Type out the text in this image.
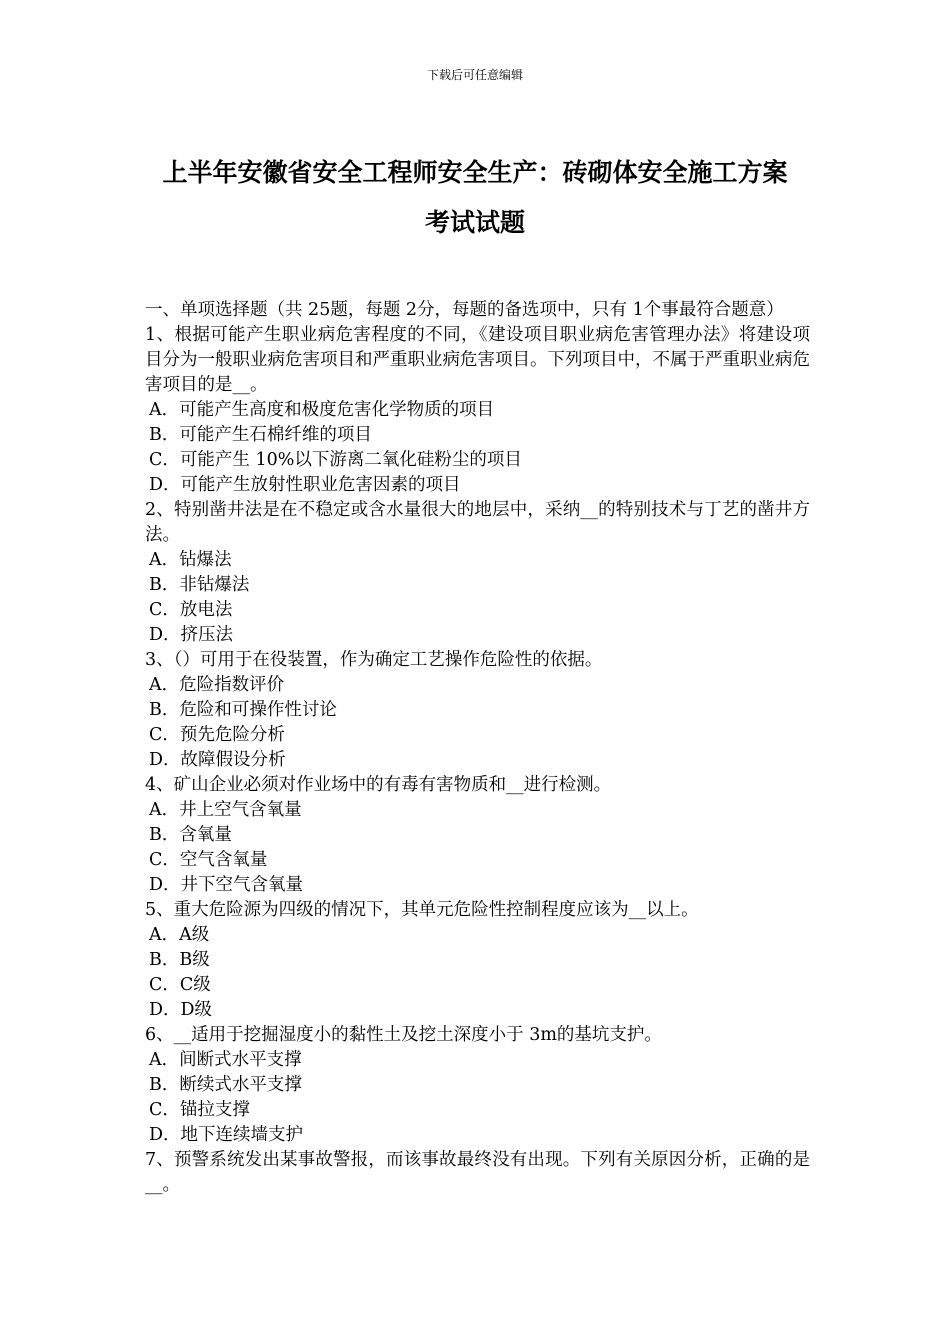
下载后可任意编辑
上半年安徽省安全工程师安全生产：砖砌体安全施工方案
考试试题
一、单项选择题（共 25题，每题 2分，每题的备选项中，只有 1个事最符合题意）
1、根据可能产生职业病危害程度的不同，《建设项目职业病危害管理办法》将建设项目分为一般职业病危害项目和严重职业病危害项目。下列项目中，不属于严重职业病危害项目的是__。
A．可能产生高度和极度危害化学物质的项目
B．可能产生石棉纤维的项目
C．可能产生 10%以下游离二氧化硅粉尘的项目
D．可能产生放射性职业危害因素的项目
2、特别凿井法是在不稳定或含水量很大的地层中，采纳__的特别技术与丁艺的凿井方法。
A．钻爆法
B．非钻爆法
C．放电法
D．挤压法
3、（）可用于在役装置，作为确定工艺操作危险性的依据。
A．危险指数评价
B．危险和可操作性讨论
C．预先危险分析
D．故障假设分析
4、矿山企业必须对作业场中的有毒有害物质和__进行检测。
A．井上空气含氧量
B．含氧量
C．空气含氧量
D．井下空气含氧量
5、重大危险源为四级的情况下，其单元危险性控制程度应该为__以上。
A．A级
B．B级
C．C级
D．D级
6、__适用于挖掘湿度小的黏性土及挖土深度小于 3m的基坑支护。
A．间断式水平支撑
B．断续式水平支撑
C．锚拉支撑
D．地下连续墙支护
7、预警系统发出某事故警报，而该事故最终没有出现。下列有关原因分析，正确的是__。
